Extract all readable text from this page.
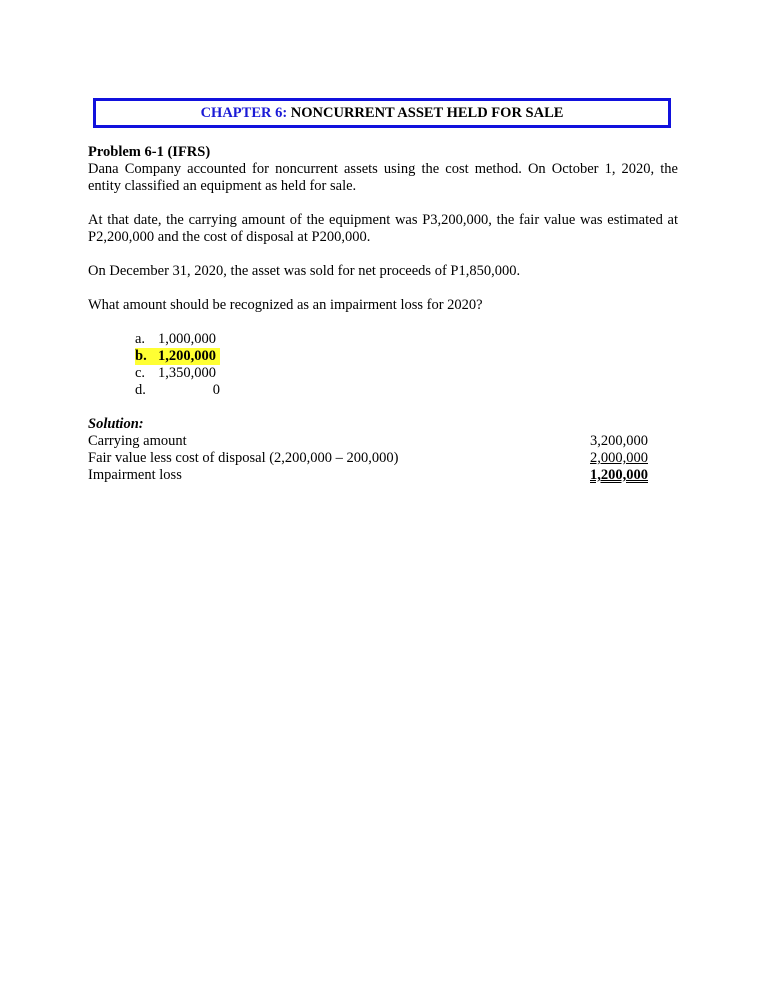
CHAPTER 6: NONCURRENT ASSET HELD FOR SALE

Problem 6-1 (IFRS)

Dana Company accounted for noncurrent assets using the cost method. On October 1, 2020, the entity classified an equipment as held for sale.

At that date, the carrying amount of the equipment was P3,200,000, the fair value was estimated at P2,200,000 and the cost of disposal at P200,000.

On December 31, 2020, the asset was sold for net proceeds of P1,850,000.

What amount should be recognized as an impairment loss for 2020?

a. 1,000,000
b. 1,200,000
c. 1,350,000
d.	0

Solution:

Carrying amount	3,200,000
Fair value less cost of disposal (2,200,000 – 200,000)	2,000,000
Impairment loss	1,200,000
